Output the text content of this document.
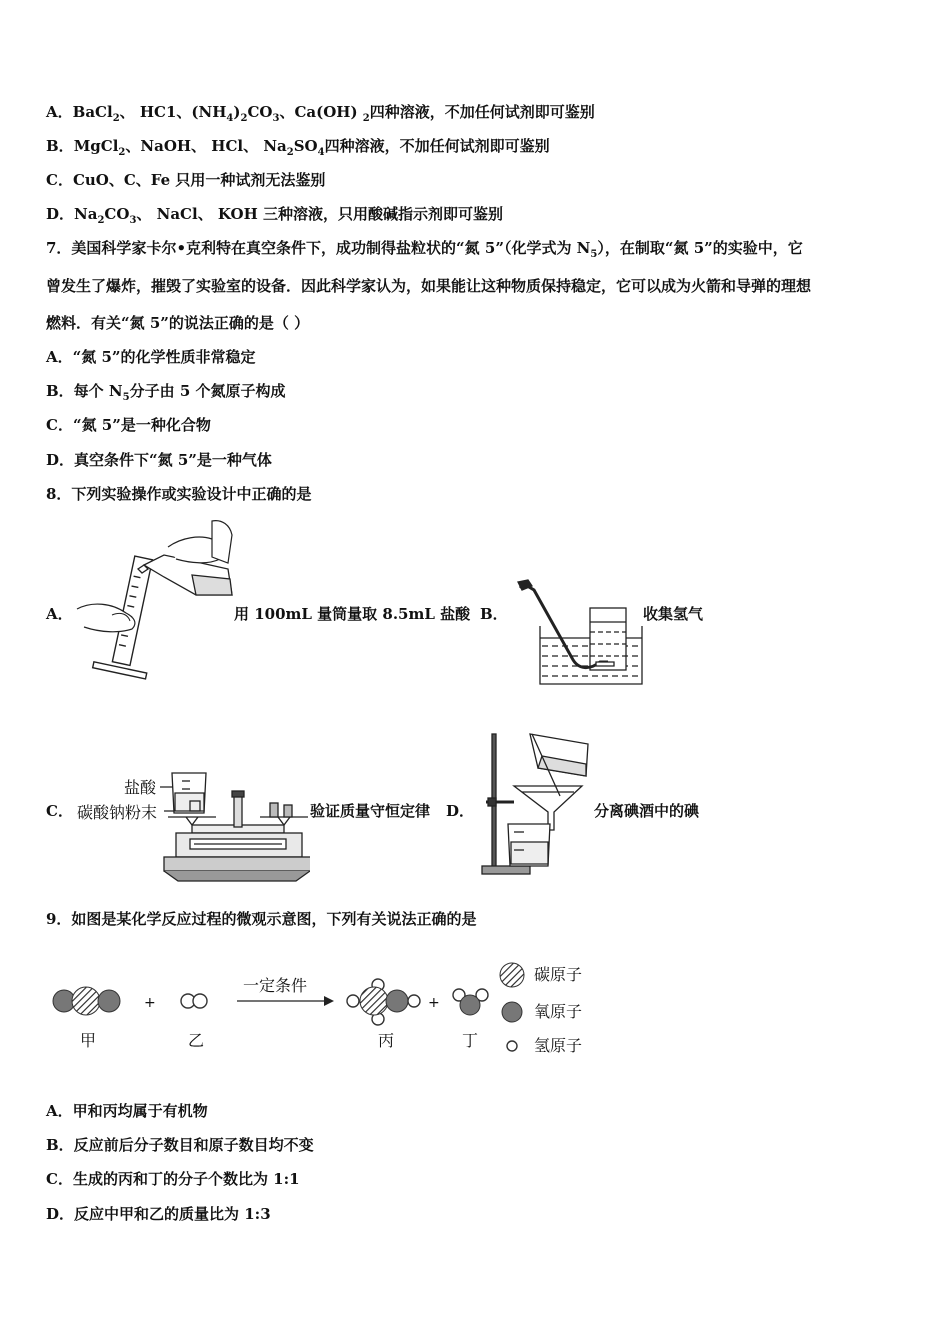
A．BaCl$_2$、 HC1、$(NH_4)_2CO_3$、Ca(OH) $_2$四种溶液，不加任何试剂即可鉴别
B．MgCl$_2$、NaOH、 HCl、 $Na_2SO_4$四种溶液，不加任何试剂即可鉴别
C．CuO、C、Fe 只用一种试剂无法鉴别
D．$Na_2CO_3$、 NaCl、 KOH 三种溶液，只用酸碱指示剂即可鉴别
7．美国科学家卡尔•克利特在真空条件下，成功制得盐粒状的“氮 5”（化学式为 $N_5$），在制取“氮 5”的实验中，它
曾发生了爆炸，摧毁了实验室的设备．因此科学家认为，如果能让这种物质保持稳定，它可以成为火箭和导弹的理想
燃料．有关“氮 5”的说法正确的是（ ）
A．“氮 5”的化学性质非常稳定
B．每个 $N_5$分子由 5 个氮原子构成
C．“氮 5”是一种化合物
D．真空条件下“氮 5”是一种气体
8．下列实验操作或实验设计中正确的是
A．	用 100mL 量筒量取 8.5mL 盐酸 B．	收集氢气
C．
盐酸
碳酸钠粉末	验证质量守恒定律 D．	分离碘酒中的碘
9．如图是某化学反应过程的微观示意图，下列有关说法正确的是
+	+
一定条件
甲	乙	丙	丁
碳原子
氧原子
氢原子
A．甲和丙均属于有机物
B．反应前后分子数目和原子数目均不变
C．生成的丙和丁的分子个数比为 1:1
D．反应中甲和乙的质量比为 1:3
